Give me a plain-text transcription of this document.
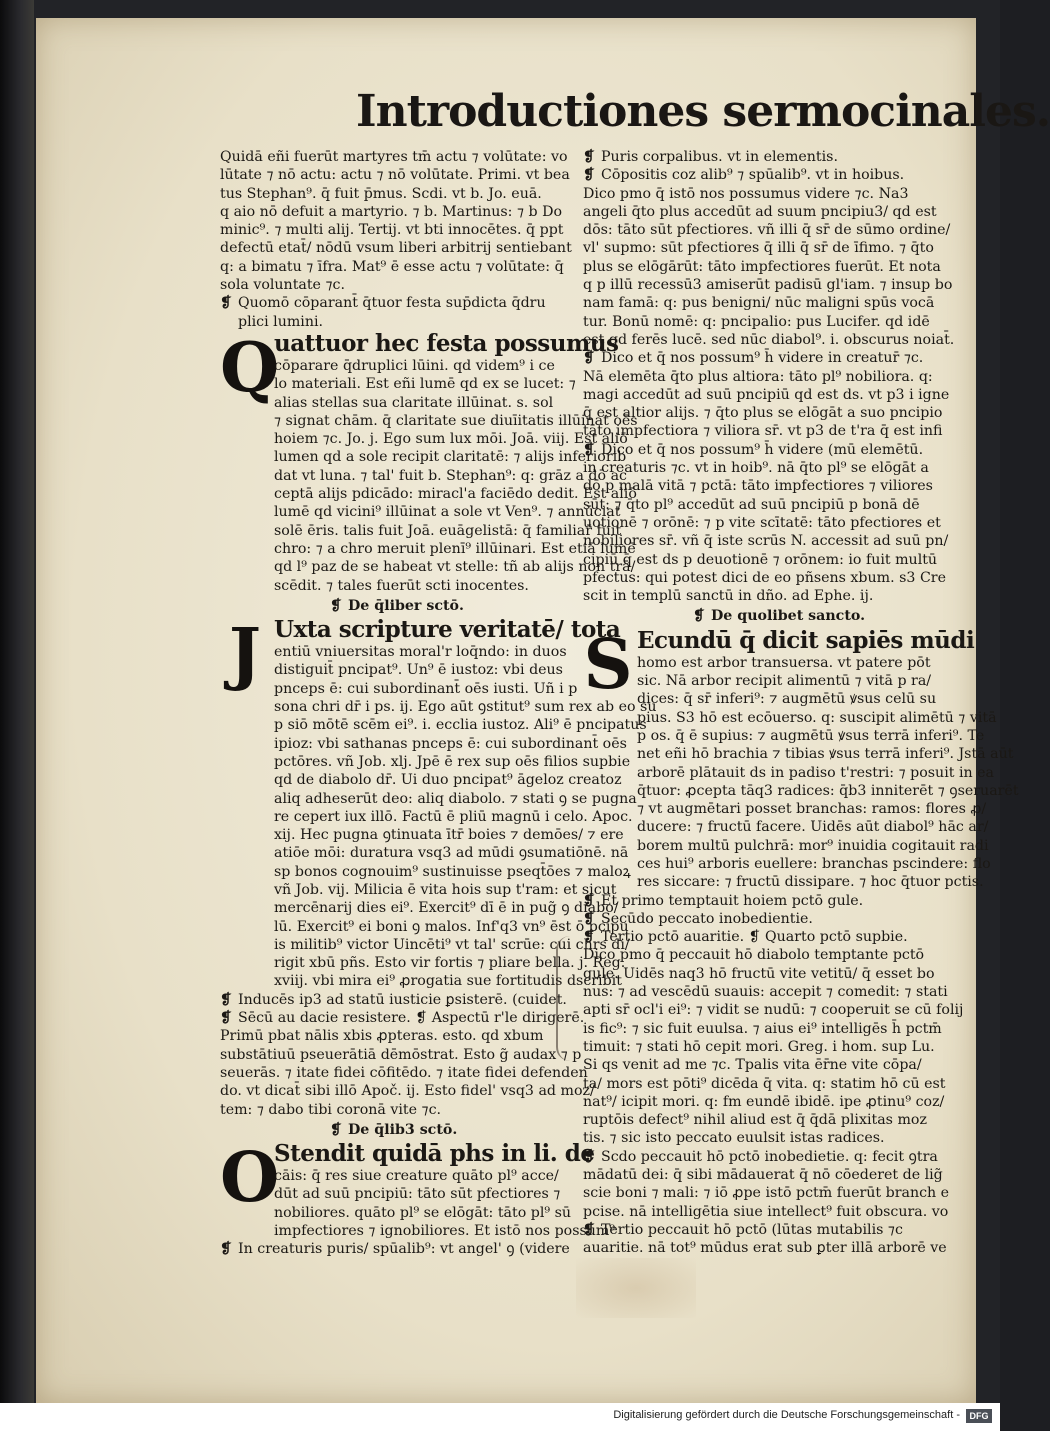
Introductiones sermocinales.

Quidā eñi fuerūt martyres tm̄ actu ⁊ volūtate: vo

lūtate ⁊ nō actu: actu ⁊ nō volūtate. Primi. vt bea

tus Stephan⁹. q̄ fuit p̄mus. Scdi. vt b. Jo. euā.

q aio nō defuit a martyrio. ⁊ b. Martinus: ⁊ b Do

minic⁹. ⁊ multi alij. Tertij. vt bti innocētes. q̄ ppt

defectū etat̄/ nōdū vsum liberi arbitrij sentiebant

q: a bimatu ⁊ īfra. Mat⁹ ē esse actu ⁊ volūtate: q̄

sola voluntate ⁊c.

❡ Quomō cōparant̄ q̄tuor festa sup̄dicta q̄dru

plici lumini.

Q

uattuor hec festa possumus

cōparare q̄druplici lūini. qd videm⁹ i ce

lo materiali. Est eñi lumē qd ex se lucet: ⁊

alias stellas sua claritate illūinat. s. sol

⁊ signat chām. q̄ claritate sue diuīitatis illūinat oēs

hoiem ⁊c. Jo. j. Ego sum lux mōi. Joā. viij. Est aliō

lumen qd a sole recipit claritatē: ⁊ alijs inferiorib

dat vt luna. ⁊ tal' fuit b. Stephan⁹: q: grāz a dō ac

ceptā alijs pdicādo: miracl'a faciēdo dedit. Est aliō

lumē qd vicini⁹ illūinat a sole vt Ven⁹. ⁊ annūciat

solē ēris. talis fuit Joā. euāgelistā: q̄ familiar̄ fuit

chro: ⁊ a chro meruit plenī⁹ illūinari. Est etiā lumē

qd l⁹ paz de se habeat vt stelle: tñ ab alijs non trā/

scēdit. ⁊ tales fuerūt scti inocentes.

❡ De q̄liber sctō.

J Uxta scripture veritatē/ tota

entiū vniuersitas moral'r loq̄ndo: in duos

distiguit̄ pncipat⁹. Un⁹ ē iustoz: vbi deus

pnceps ē: cui subordinant̄ oēs iusti. Uñ i p

sona chri dr̄ i ps. ij. Ego aūt ꝯstitut⁹ sum rex ab eo su

p siō mōtē scēm ei⁹. i. ecclia iustoz. Ali⁹ ē pncipatus

ipioz: vbi sathanas pnceps ē: cui subordinant̄ oēs

pctōres. vñ Job. xlj. Jpē ē rex sup oēs filios supbie

qd de diabolo dr̄. Ui duo pncipat⁹ āgeloz creatoz

aliq adheserūt deo: aliq diabolo. ⁊ stati ꝯ se pugna

re cepert iux illō. Factū ē pliū magnū i celo. Apoc.

xij. Hec pugna ꝯtinuata ītr̄ boies ⁊ demōes/ ⁊ ere

atiōe mōi: duratura vsq3 ad mūdi ꝯsumatiōnē. nā

sp bonos cognouim⁹ sustinuisse pseqt̄ōes ⁊ maloꝝ

vñ Job. vij. Milicia ē vita hois sup t'ram: et sicut

mercēnarij dies ei⁹. Exercit⁹ dī ē in pug̃ ꝯ diabo/

lū. Exercit⁹ ei boni ꝯ malos. Inf'q3 vn⁹ ēst ō pcipu

is militib⁹ victor Uincēti⁹ vt tal' scrūe: cui chrs di/

rigit xbū pñs. Esto vir fortis ⁊ pliare bella. j. Reg.

xviij. vbi mira ei⁹ ꝓrogatia sue fortitudis dscribit

❡ Inducēs ip3 ad statū iusticie ꝑsisterē. (cuidet.

❡ Sēcū au dacie resistere. ❡ Aspectū r'le dirigerē.

Primū pbat nālis xbis ꝓpteras. esto. qd xbum

substātiuū pseuerātiā dēmōstrat. Esto g̃ audax ⁊ p

seuerās. ⁊ itate fidei cōfitēdo. ⁊ itate fidei defenden

do. vt dicat̄ sibi illō Apoč. ij. Esto fidel' vsq3 ad moz/

tem: ⁊ dabo tibi coronā vite ⁊c.

❡ De q̄lib3 sctō.

O

Stendit quidā phs in li. de

cāis: q̄ res siue creature quāto pl⁹ acce/

dūt ad suū pncipiū: tāto sūt pfectiores ⁊

nobiliores. quāto pl⁹ se elōgāt: tāto pl⁹ sū

impfectiores ⁊ ignobiliores. Et istō nos possum⁹

❡ In creaturis puris/ spūalib⁹: vt angel' ꝯ (videre

❡ Puris corpalibus. vt in elementis.

❡ Cōpositis coz alib⁹ ⁊ spūalib⁹. vt in hoibus.

Dico pmo q̄ istō nos possumus videre ⁊c. Na3

angeli q̄to plus accedūt ad suum pncipiu3/ qd est

dōs: tāto sūt pfectiores. vñ illi q̄ sr̄ de sūmo ordine/

vl' supmo: sūt pfectiores q̄ illi q̄ sr̄ de īfimo. ⁊ q̄to

plus se elōgārūt: tāto impfectiores fuerūt. Et nota

q p illū recessū3 amiserūt padisū gl'iam. ⁊ insup bo

nam famā: q: pus benigni/ nūc maligni spūs vocā

tur. Bonū nomē: q: pncipalio: pus Lucifer. qd idē

est qd ferēs lucē. sed nūc diabol⁹. i. obscurus noiat̄.

❡ Dico et q̄ nos possum⁹ h̄ videre in creatur̄ ⁊c.

Nā elemēta q̄to plus altiora: tāto pl⁹ nobiliora. q:

magi accedūt ad suū pncipiū qd est ds. vt p3 i igne

q̄ est altior alijs. ⁊ q̄to plus se elōgāt a suo pncipio

tāto impfectiora ⁊ viliora sr̄. vt p3 de t'ra q̄ est infi

❡ Dico et q̄ nos possum⁹ h̄ videre (mū elemētū.

in creaturis ⁊c. vt in hoib⁹. nā q̄to pl⁹ se elōgāt a

dō p malā vitā ⁊ pctā: tāto impfectiores ⁊ viliores

sūt: ⁊ q̄to pl⁹ accedūt ad suū pncipiū p bonā dē

uotionē ⁊ orōnē: ⁊ p vite scītatē: tāto pfectiores et

nobiliores sr̄. vñ q̄ iste scrūs N. accessit ad suū pn/

cipiū q̄ est ds p deuotionē ⁊ orōnem: io fuit multū

pfectus: qui potest dici de eo pñsens xbum. s3 Cre

scit in templū sanctū in dño. ad Ephe. ij.

❡ De quolibet sancto.

S Ecundū q̄ dicit sapiēs mūdi

homo est arbor transuersa. vt patere pōt

sic. Nā arbor recipit alimentū ⁊ vitā p ra/

dices: q̄ sr̄ inferi⁹: ⁊ augmētū ꝟsus celū su

pius. S3 hō est ecōuerso. q: suscipit alimētū ⁊ vitā

p os. q̄ ē supius: ⁊ augmētū ꝟsus terrā inferi⁹. Te

net eñi hō brachia ⁊ tibias ꝟsus terrā inferi⁹. Jstā aūt

arborē plātauit ds in padiso t'restri: ⁊ posuit in ea

q̄tuor: ꝓcepta tāq3 radices: q̄b3 inniterēt ⁊ ꝯseruarēt

⁊ vt augmētari posset branchas: ramos: flores ꝓ/

ducere: ⁊ fructū facere. Uidēs aūt diabol⁹ hāc ar/

borem multū pulchrā: mor⁹ inuidia cogitauit radi

ces hui⁹ arboris euellere: branchas pscindere: flo

res siccare: ⁊ fructū dissipare. ⁊ hoc q̄tuor pctis.

❡ Et primo temptauit hoiem pctō gule.

❡ Secūdo peccato inobedientie.

❡ Tertio pctō auaritie. ❡ Quarto pctō supbie.

Dico pmo q̄ peccauit hō diabolo temptante pctō

gule. Uidēs naq3 hō fructū vite vetitū/ q̄ esset bo

nus: ⁊ ad vescēdū suauis: accepit ⁊ comedit: ⁊ stati

apti sr̄ ocl'i ei⁹: ⁊ vidit se nudū: ⁊ cooperuit se cū folij

is fic⁹: ⁊ sic fuit euulsa. ⁊ aius ei⁹ intelligēs h̄ pctm̄

timuit: ⁊ stati hō cepit mori. Greg. i hom. sup Lu.

Si qs venit ad me ⁊c. Tpalis vita ēr̄ne vite cōpa/

ta/ mors est pōti⁹ dicēda q̄ vita. q: statim hō cū est

nat⁹/ icipit mori. q: fm eundē ibidē. ipe ꝓtinu⁹ coz/

ruptōis defect⁹ nihil aliud est q̄ q̄dā plixitas moz

tis. ⁊ sic isto peccato euulsit istas radices.

❡ Scdo peccauit hō pctō inobedietie. q: fecit ꝯtra

mādatū dei: q̄ sibi mādauerat q̄ nō cōederet de lig̃

scie boni ⁊ mali: ⁊ iō ꝓpe istō pctm̄ fuerūt branch e

pcise. nā intelligētia siue intellect⁹ fuit obscura. vo

❡ Tertio peccauit hō pctō (lūtas mutabilis ⁊c

auaritie. nā tot⁹ mūdus erat sub ꝑter illā arborē ve

Digitalisierung gefördert durch die Deutsche Forschungsgemeinschaft -	DFG
